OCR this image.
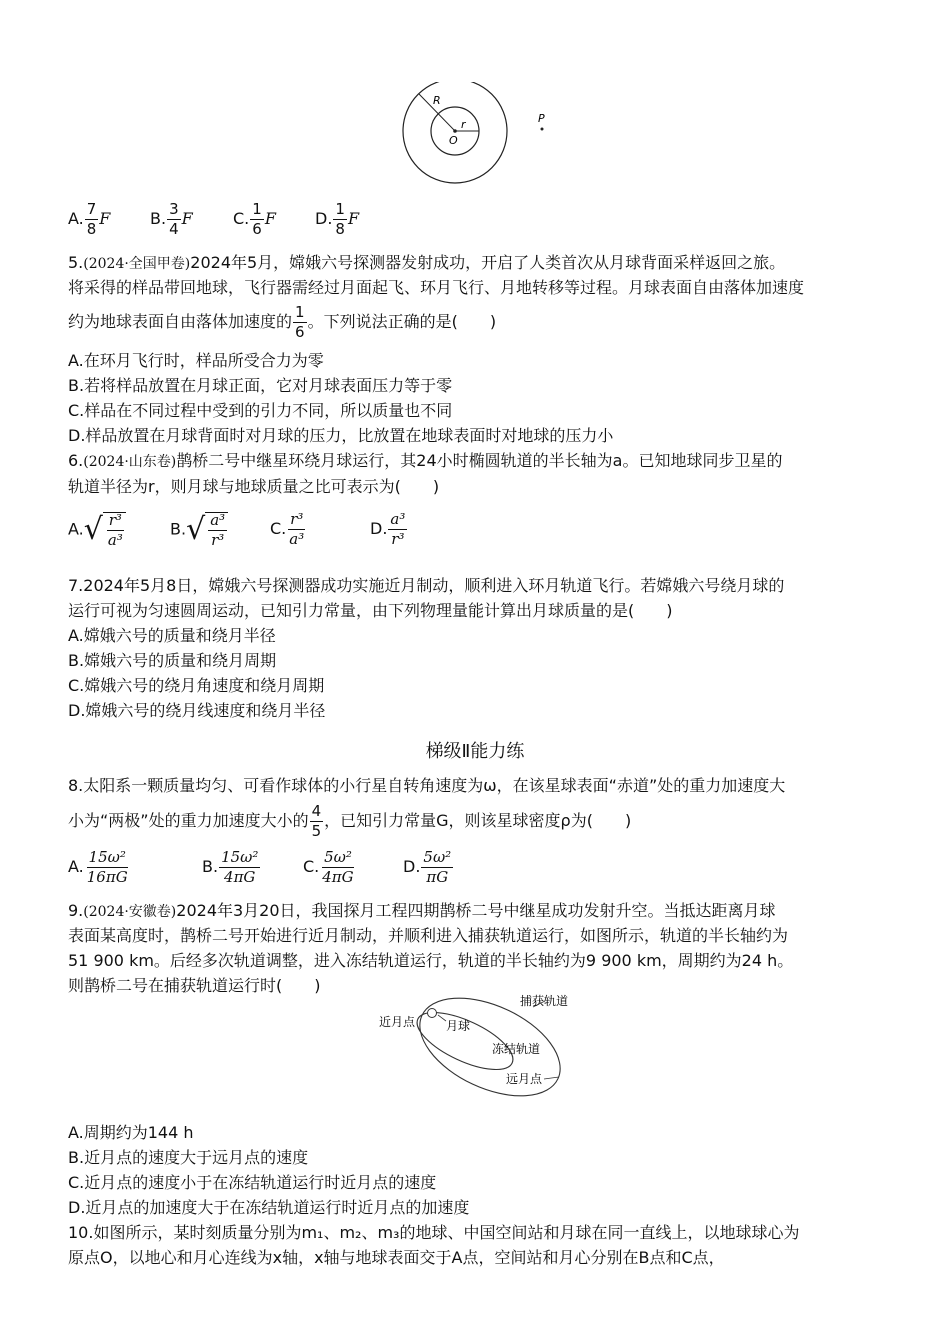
R
r
O
P
A. $\frac{7}{8}$ F B. $\frac{3}{4}$ F	C. $\frac{1}{6}$ F D. $\frac{1}{8}$ F
5.(2024·全国甲卷)2024年5月，嫦娥六号探测器发射成功，开启了人类首次从月球背面采样返回之旅。
将采得的样品带回地球，飞行器需经过月面起飞、环月飞行、月地转移等过程。月球表面自由落体加速度
约为地球表面自由落体加速度的 $\frac{1}{6}$ 。下列说法正确的是( )
A.在环月飞行时，样品所受合力为零
B.若将样品放置在月球正面，它对月球表面压力等于零
C.样品在不同过程中受到的引力不同，所以质量也不同
D.样品放置在月球背面时对月球的压力，比放置在地球表面时对地球的压力小
6.(2024·山东卷)鹊桥二号中继星环绕月球运行，其24小时椭圆轨道的半长轴为a。已知地球同步卫星的
轨道半径为r，则月球与地球质量之比可表示为( )
A. √ $\frac{\text{r³}}{\text{a³}}$	B. √ $\frac{\text{a³}}{\text{r³}}$	C. $\frac{\text{r³}}{\text{a³}}$	D. $\frac{\text{a³}}{\text{r³}}$
7.2024年5月8日，嫦娥六号探测器成功实施近月制动，顺利进入环月轨道飞行。若嫦娥六号绕月球的
运行可视为匀速圆周运动，已知引力常量，由下列物理量能计算出月球质量的是( )
A.嫦娥六号的质量和绕月半径
B.嫦娥六号的质量和绕月周期
C.嫦娥六号的绕月角速度和绕月周期
D.嫦娥六号的绕月线速度和绕月半径
梯级Ⅱ能力练
8.太阳系一颗质量均匀、可看作球体的小行星自转角速度为ω，在该星球表面“赤道”处的重力加速度大
小为“两极”处的重力加速度大小的 $\frac{4}{5}$ ，已知引力常量G，则该星球密度ρ为( )
A. $\frac{\text{15ω²}}{16\pi G}$	B. $\frac{\text{15ω²}}{4\pi G}$	C. $\frac{\text{5ω²}}{4\pi G}$	D. $\frac{\text{5ω²}}{\pi G}$
9.(2024·安徽卷)2024年3月20日，我国探月工程四期鹊桥二号中继星成功发射升空。当抵达距离月球
表面某高度时，鹊桥二号开始进行近月制动，并顺利进入捕获轨道运行，如图所示，轨道的半长轴约为
51 900 km。后经多次轨道调整，进入冻结轨道运行，轨道的半长轴约为9 900 km，周期约为24 h。
则鹊桥二号在捕获轨道运行时( )
捕获轨道
近月点	月球
冻结轨道
远月点
A.周期约为144 h
B.近月点的速度大于远月点的速度
C.近月点的速度小于在冻结轨道运行时近月点的速度
D.近月点的加速度大于在冻结轨道运行时近月点的加速度
10.如图所示，某时刻质量分别为m₁、m₂、m₃的地球、中国空间站和月球在同一直线上，以地球球心为
原点O，以地心和月心连线为x轴，x轴与地球表面交于A点，空间站和月心分别在B点和C点，
